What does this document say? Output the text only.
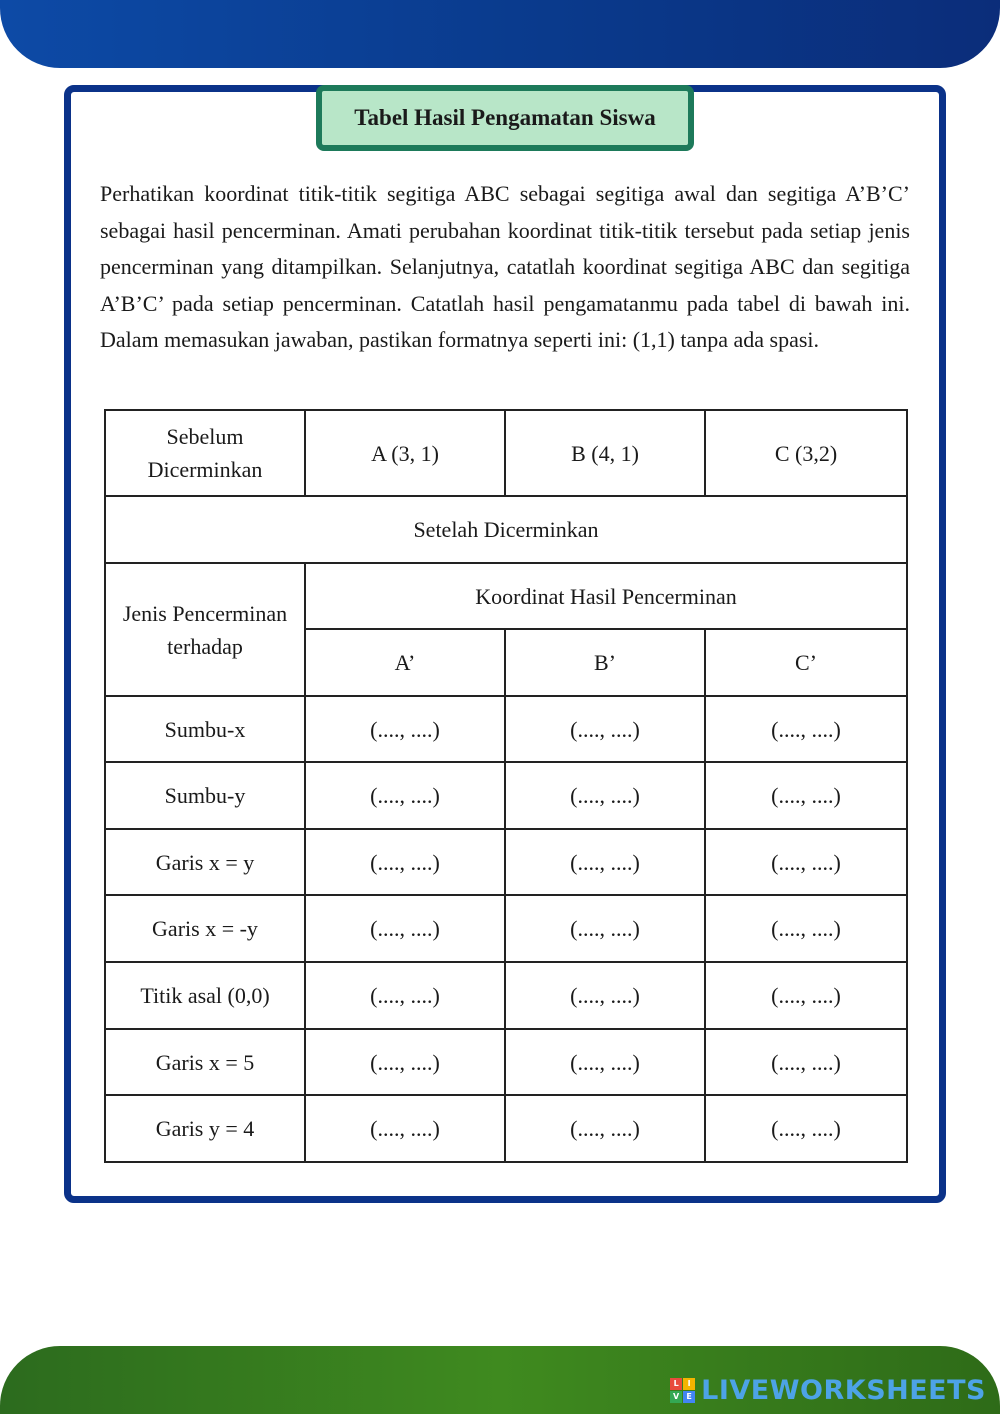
Tabel Hasil Pengamatan Siswa

Perhatikan koordinat titik-titik segitiga ABC sebagai segitiga awal dan segitiga A’B’C’ sebagai hasil pencerminan. Amati perubahan koordinat titik-titik tersebut pada setiap jenis pencerminan yang ditampilkan. Selanjutnya, catatlah koordinat segitiga ABC dan segitiga A’B’C’ pada setiap pencerminan. Catatlah hasil pengamatanmu pada tabel di bawah ini. Dalam memasukan jawaban, pastikan formatnya seperti ini: (1,1) tanpa ada spasi.

Sebelum Dicerminkan	A (3, 1)	B (4, 1)	C (3,2)
Setelah Dicerminkan			
Jenis Pencerminan terhadap	Koordinat Hasil Pencerminan		
	A’	B’	C’
Sumbu-x	(...., ....)	(...., ....)	(...., ....)
Sumbu-y	(...., ....)	(...., ....)	(...., ....)
Garis x = y	(...., ....)	(...., ....)	(...., ....)
Garis x = -y	(...., ....)	(...., ....)	(...., ....)
Titik asal (0,0)	(...., ....)	(...., ....)	(...., ....)
Garis x = 5	(...., ....)	(...., ....)	(...., ....)
Garis y = 4	(...., ....)	(...., ....)	(...., ....)
L	I
V E LIVEWORKSHEETS
